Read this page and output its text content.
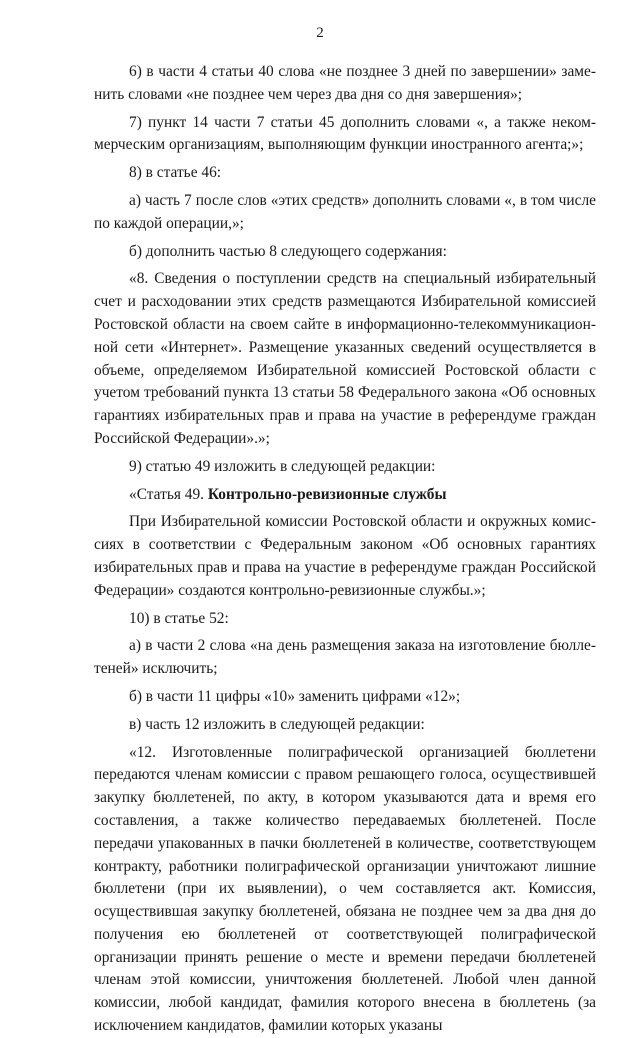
2

6) в части 4 статьи 40 слова «не позднее 3 дней по завершении» заменить словами «не позднее чем через два дня со дня завершения»;

7) пункт 14 части 7 статьи 45 дополнить словами «, а также некоммерческим организациям, выполняющим функции иностранного агента;»;

8) в статье 46:

а) часть 7 после слов «этих средств» дополнить словами «, в том числе по каждой операции,»;

б) дополнить частью 8 следующего содержания:

«8. Сведения о поступлении средств на специальный избирательный счет и расходовании этих средств размещаются Избирательной комиссией Ростовской области на своем сайте в информационно-телекоммуникационной сети «Интернет». Размещение указанных сведений осуществляется в объеме, определяемом Избирательной комиссией Ростовской области с учетом требований пункта 13 статьи 58 Федерального закона «Об основных гарантиях избирательных прав и права на участие в референдуме граждан Российской Федерации».»;

9) статью 49 изложить в следующей редакции:

«Статья 49. Контрольно-ревизионные службы

При Избирательной комиссии Ростовской области и окружных комиссиях в соответствии с Федеральным законом «Об основных гарантиях избирательных прав и права на участие в референдуме граждан Российской Федерации» создаются контрольно-ревизионные службы.»;

10) в статье 52:

а) в части 2 слова «на день размещения заказа на изготовление бюллетеней» исключить;

б) в части 11 цифры «10» заменить цифрами «12»;

в) часть 12 изложить в следующей редакции:

«12. Изготовленные полиграфической организацией бюллетени передаются членам комиссии с правом решающего голоса, осуществившей закупку бюллетеней, по акту, в котором указываются дата и время его составления, а также количество передаваемых бюллетеней. После передачи упакованных в пачки бюллетеней в количестве, соответствующем контракту, работники полиграфической организации уничтожают лишние бюллетени (при их выявлении), о чем составляется акт. Комиссия, осуществившая закупку бюллетеней, обязана не позднее чем за два дня до получения ею бюллетеней от соответствующей полиграфической организации принять решение о месте и времени передачи бюллетеней членам этой комиссии, уничтожения бюллетеней. Любой член данной комиссии, любой кандидат, фамилия которого внесена в бюллетень (за исключением кандидатов, фамилии которых указаны
